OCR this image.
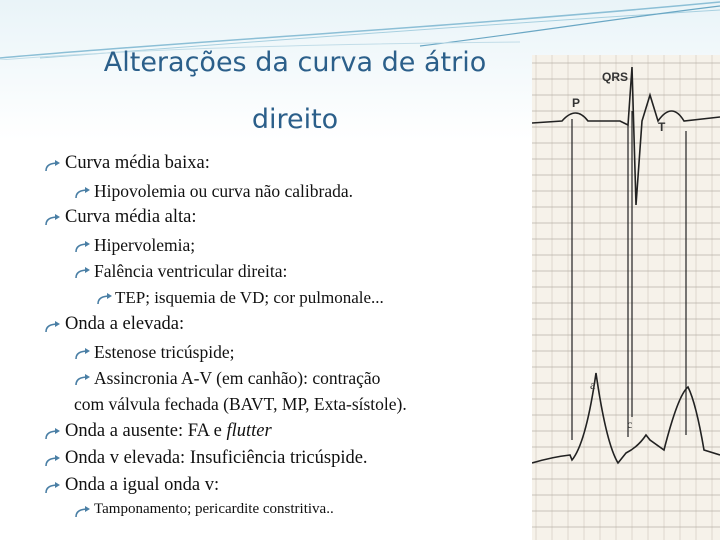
Alterações da curva de átrio
direito
Curva média baixa:
Hipovolemia ou curva não calibrada.
Curva média alta:
Hipervolemia;
Falência ventricular direita:
TEP; isquemia de VD; cor pulmonale...
Onda a elevada:
Estenose tricúspide;
Assincronia A-V (em canhão): contração
com válvula fechada (BAVT, MP, Exta-sístole).
Onda a ausente: FA e flutter
Onda v elevada: Insuficiência tricúspide.
Onda a igual onda v:
Tamponamento; pericardite constritiva..
QRS
P
T
a
c
